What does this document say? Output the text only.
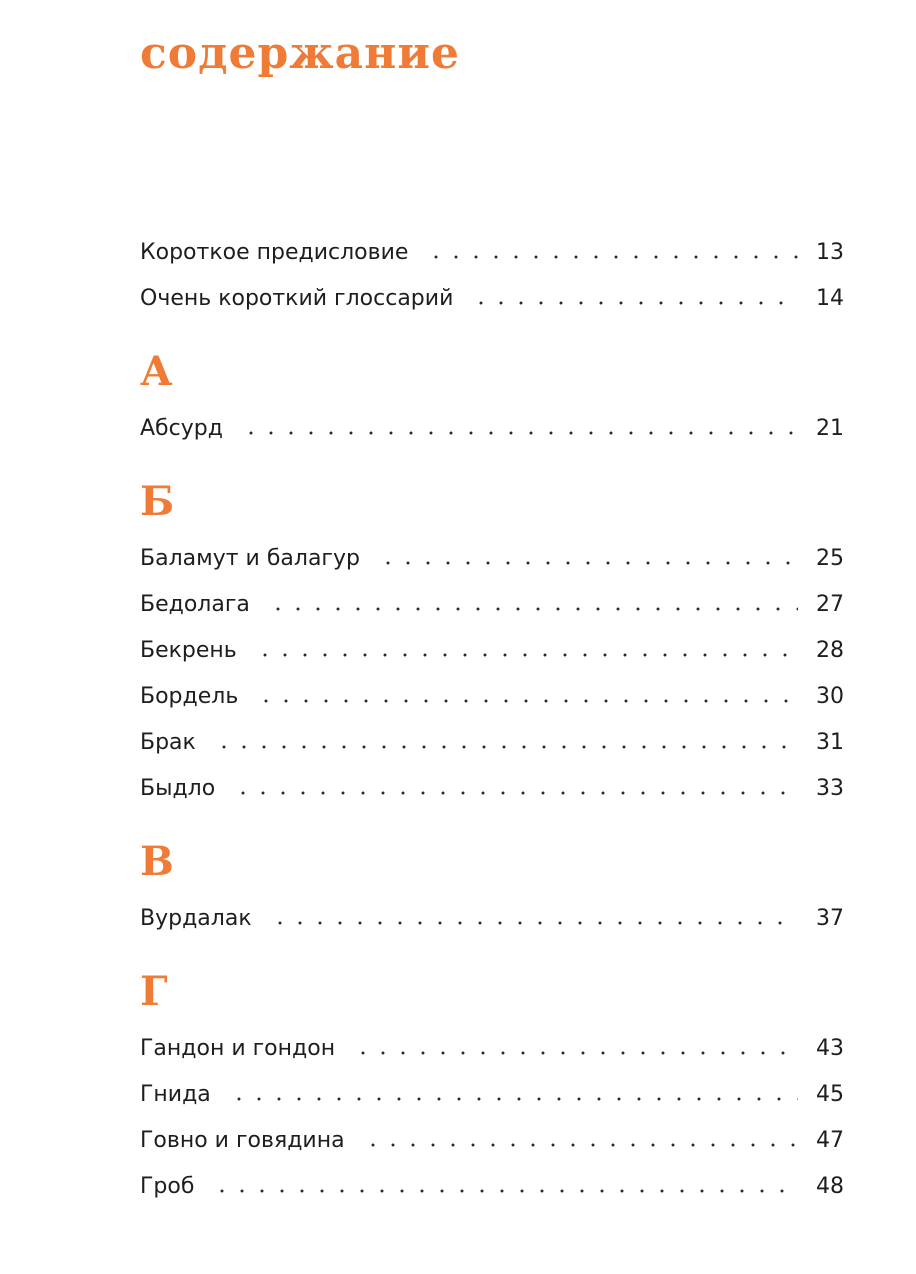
содержание
Короткое предисловие	13
Очень короткий глоссарий	14
А
Абсурд	21
Б
Баламут и балагур	25
Бедолага	27
Бекрень	28
Бордель	30
Брак	31
Быдло	33
В
Вурдалак	37
Г
Гандон и гондон	43
Гнида	45
Говно и говядина	47
Гроб	48
